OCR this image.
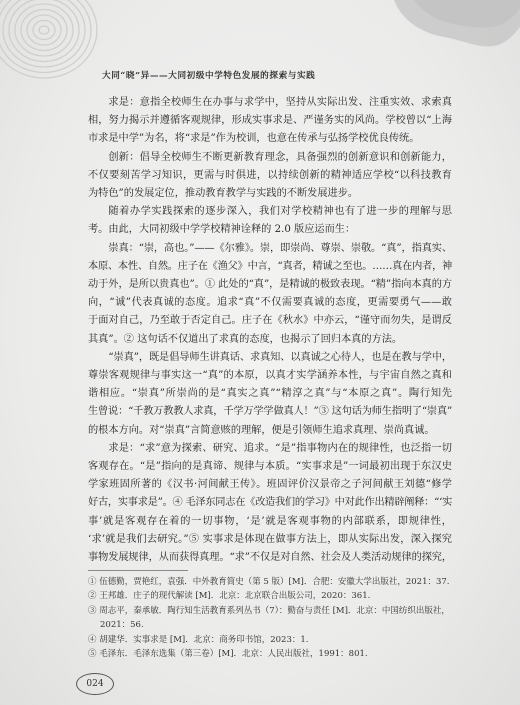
大同“晓”异——大同初级中学特色发展的探索与实践
求是：意指全校师生在办事与求学中，坚持从实际出发、注重实效、求索真
相，努力揭示并遵循客观规律，形成实事求是、严谨务实的风尚。学校曾以“上海
市求是中学”为名，将“求是”作为校训，也意在传承与弘扬学校优良传统。
创新：倡导全校师生不断更新教育理念，具备强烈的创新意识和创新能力，
不仅要刻苦学习知识，更需与时俱进，以持续创新的精神适应学校“以科技教育
为特色”的发展定位，推动教育教学与实践的不断发展进步。
随着办学实践探索的逐步深入，我们对学校精神也有了进一步的理解与思
考。由此，大同初级中学学校精神诠释的 2.0 版应运而生：
崇真：“崇，高也。”——《尔雅》。崇，即崇尚、尊崇、崇敬。“真”，指真实、
本原、本性、自然。庄子在《渔父》中言，“真者，精诚之至也。……真在内者，神
动于外，是所以贵真也”。① 此处的“真”，是精诚的极致表现。“精”指向本真的方
向，“诚”代表真诚的态度。追求“真”不仅需要真诚的态度，更需要勇气——敢
于面对自己，乃至敢于否定自己。庄子在《秋水》中亦云，“谨守而勿失，是谓反
其真”。② 这句话不仅道出了求真的态度，也揭示了回归本真的方法。
“崇真”，既是倡导师生讲真话、求真知、以真诚之心待人，也是在教与学中，
尊崇客观规律与事实这一“真”的本原，以真才实学涵养本性，与宇宙自然之真和
谐相应。“崇真”所崇尚的是“真实之真”“精淳之真”与“本原之真”。陶行知先
生曾说：“千教万教教人求真，千学万学学做真人！”③ 这句话为师生指明了“崇真”
的根本方向。对“崇真”言简意赅的理解，便是引领师生追求真理、崇尚真诚。
求是：“求”意为探索、研究、追求。“是”指事物内在的规律性，也泛指一切
客观存在。“是”指向的是真谛、规律与本质。“实事求是”一词最初出现于东汉史
学家班固所著的《汉书·河间献王传》。班固评价汉景帝之子河间献王刘德“修学
好古，实事求是”。④ 毛泽东同志在《改造我们的学习》中对此作出精辟阐释：“‘实
事’就是客观存在着的一切事物，‘是’就是客观事物的内部联系，即规律性，
‘求’就是我们去研究。”⑤ 实事求是体现在做事方法上，即从实际出发，深入探究
事物发展规律，从而获得真理。“求”不仅是对自然、社会及人类活动规律的探究，
① 伍德勤，贾艳红，袁强．中外教育简史（第 5 版）[M]．合肥：安徽大学出版社，2021：37.
② 王邦雄．庄子的现代解读 [M]．北京：北京联合出版公司，2020：361.
③ 周志平，秦承敏．陶行知生活教育系列丛书（7）：勤奋与责任 [M]．北京：中国纺织出版社，
2021：56.
④ 胡建华．实事求是 [M]．北京：商务印书馆，2023：1.
⑤ 毛泽东．毛泽东选集（第三卷）[M]．北京：人民出版社，1991：801.
024
